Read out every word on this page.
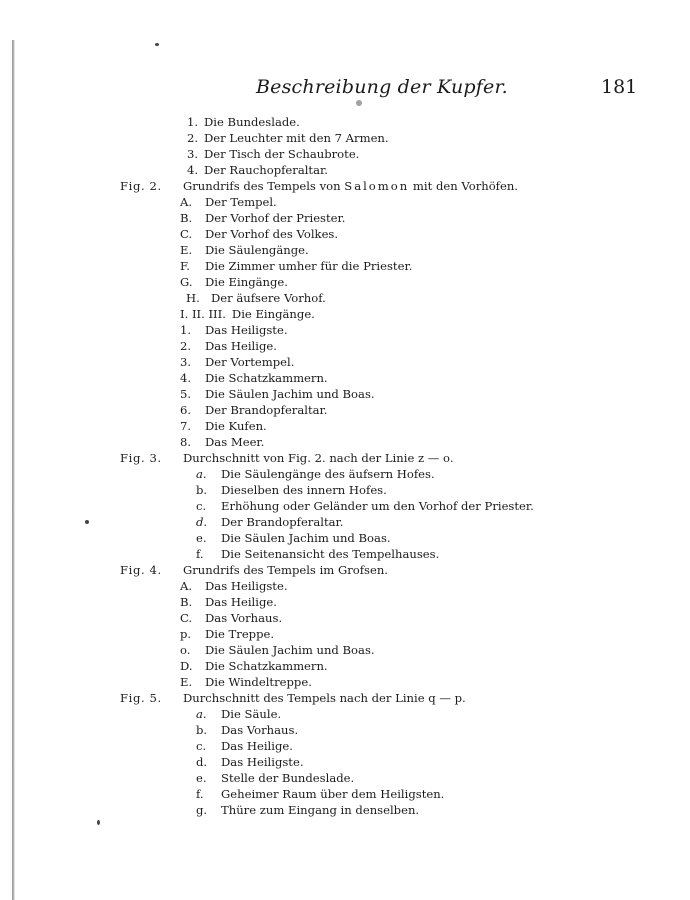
Beschreibung der Kupfer.	181
1. Die Bundeslade.
2. Der Leuchter mit den 7 Armen.
3. Der Tisch der Schaubrote.
4. Der Rauchopferaltar.
Fig. 2. Grundrifs des Tempels von Salomon mit den Vorhöfen.
A. Der Tempel.
B. Der Vorhof der Priester.
C. Der Vorhof des Volkes.
E. Die Säulengänge.
F. Die Zimmer umher für die Priester.
G. Die Eingänge.
H. Der äufsere Vorhof.
I. II. III. Die Eingänge.
1. Das Heiligste.
2. Das Heilige.
3. Der Vortempel.
4. Die Schatzkammern.
5. Die Säulen Jachim und Boas.
6. Der Brandopferaltar.
7. Die Kufen.
8. Das Meer.
Fig. 3. Durchschnitt von Fig. 2. nach der Linie z — o.
a. Die Säulengänge des äufsern Hofes.
b. Dieselben des innern Hofes.
c. Erhöhung oder Geländer um den Vorhof der Priester.
d. Der Brandopferaltar.
e. Die Säulen Jachim und Boas.
f. Die Seitenansicht des Tempelhauses.
Fig. 4. Grundrifs des Tempels im Grofsen.
A. Das Heiligste.
B. Das Heilige.
C. Das Vorhaus.
p. Die Treppe.
o. Die Säulen Jachim und Boas.
D. Die Schatzkammern.
E. Die Windeltreppe.
Fig. 5. Durchschnitt des Tempels nach der Linie q — p.
a. Die Säule.
b. Das Vorhaus.
c. Das Heilige.
d. Das Heiligste.
e. Stelle der Bundeslade.
f. Geheimer Raum über dem Heiligsten.
g. Thüre zum Eingang in denselben.
